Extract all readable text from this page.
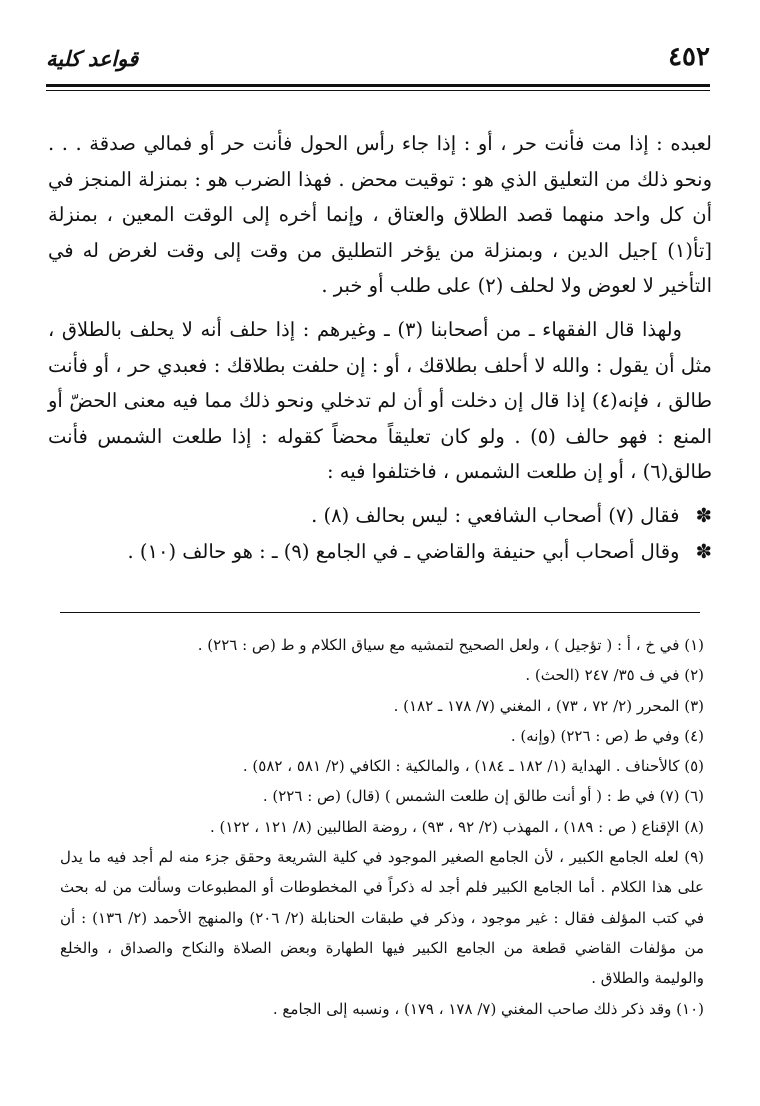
٤٥٢
قواعد كلية

لعبده : إذا مت فأنت حر ، أو : إذا جاء رأس الحول فأنت حر أو فمالي صدقة . . . ونحو ذلك من التعليق الذي هو : توقيت محض . فهذا الضرب هو : بمنزلة المنجز في أن كل واحد منهما قصد الطلاق والعتاق ، وإنما أخره إلى الوقت المعين ، بمنزلة [تأ(١) ]جيل الدين ، وبمنزلة من يؤخر التطليق من وقت إلى وقت لغرض له في التأخير لا لعوض ولا لحلف (٢) على طلب أو خبر .

ولهذا قال الفقهاء ـ من أصحابنا (٣) ـ وغيرهم : إذا حلف أنه لا يحلف بالطلاق ، مثل أن يقول : والله لا أحلف بطلاقك ، أو : إن حلفت بطلاقك : فعبدي حر ، أو فأنت طالق ، فإنه(٤) إذا قال إن دخلت أو أن لم تدخلي ونحو ذلك مما فيه معنى الحضّ أو المنع : فهو حالف (٥) . ولو كان تعليقاً محضاً كقوله : إذا طلعت الشمس فأنت طالق(٦) ، أو إن طلعت الشمس ، فاختلفوا فيه :

✽ فقال (٧) أصحاب الشافعي : ليس بحالف (٨) .

✽ وقال أصحاب أبي حنيفة والقاضي ـ في الجامع (٩) ـ : هو حالف (١٠) .

(١) في خ ، أ : ( تؤجيل ) ، ولعل الصحيح لتمشيه مع سياق الكلام و ط (ص : ٢٢٦) .

(٢) في ف ٣٥/ ٢٤٧ (الحث) .

(٣) المحرر (٢/ ٧٢ ، ٧٣) ، المغني (٧/ ١٧٨ ـ ١٨٢) .

(٤) وفي ط (ص : ٢٢٦) (وإنه) .

(٥) كالأحناف . الهداية (١/ ١٨٢ ـ ١٨٤) ، والمالكية : الكافي (٢/ ٥٨١ ، ٥٨٢) .

(٦) (٧) في ط : ( أو أنت طالق إن طلعت الشمس ) (قال) (ص : ٢٢٦) .

(٨) الإقناع ( ص : ١٨٩) ، المهذب (٢/ ٩٢ ، ٩٣) ، روضة الطالبين (٨/ ١٢١ ، ١٢٢) .

(٩) لعله الجامع الكبير ، لأن الجامع الصغير الموجود في كلية الشريعة وحقق جزء منه لم أجد فيه ما يدل على هذا الكلام . أما الجامع الكبير فلم أجد له ذكراً في المخطوطات أو المطبوعات وسألت من له بحث في كتب المؤلف فقال : غير موجود ، وذكر في طبقات الحنابلة (٢/ ٢٠٦) والمنهج الأحمد (٢/ ١٣٦) : أن من مؤلفات القاضي قطعة من الجامع الكبير فيها الطهارة وبعض الصلاة والنكاح والصداق ، والخلع والوليمة والطلاق .

(١٠) وقد ذكر ذلك صاحب المغني (٧/ ١٧٨ ، ١٧٩) ، ونسبه إلى الجامع .
